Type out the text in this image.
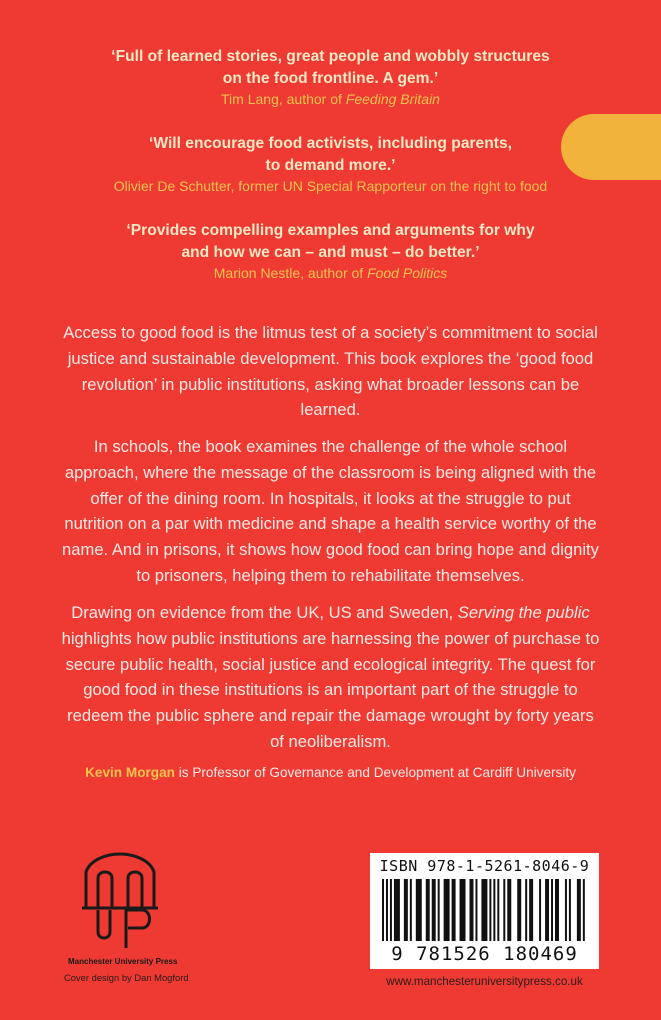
‘Full of learned stories, great people and wobbly structures
on the food frontline. A gem.’
Tim Lang, author of Feeding Britain
‘Will encourage food activists, including parents,
to demand more.’
Olivier De Schutter, former UN Special Rapporteur on the right to food
‘Provides compelling examples and arguments for why
and how we can – and must – do better.’
Marion Nestle, author of Food Politics
Access to good food is the litmus test of a society’s commitment to social justice and sustainable development. This book explores the ‘good food revolution’ in public institutions, asking what broader lessons can be learned.
In schools, the book examines the challenge of the whole school approach, where the message of the classroom is being aligned with the offer of the dining room. In hospitals, it looks at the struggle to put nutrition on a par with medicine and shape a health service worthy of the name. And in prisons, it shows how good food can bring hope and dignity to prisoners, helping them to rehabilitate themselves.
Drawing on evidence from the UK, US and Sweden, Serving the public highlights how public institutions are harnessing the power of purchase to secure public health, social justice and ecological integrity. The quest for good food in these institutions is an important part of the struggle to redeem the public sphere and repair the damage wrought by forty years of neoliberalism.
Kevin Morgan is Professor of Governance and Development at Cardiff University
Manchester University Press
Cover design by Dan Mogford
ISBN 978-1-5261-8046-9
9 781526 180469
www.manchesteruniversitypress.co.uk
